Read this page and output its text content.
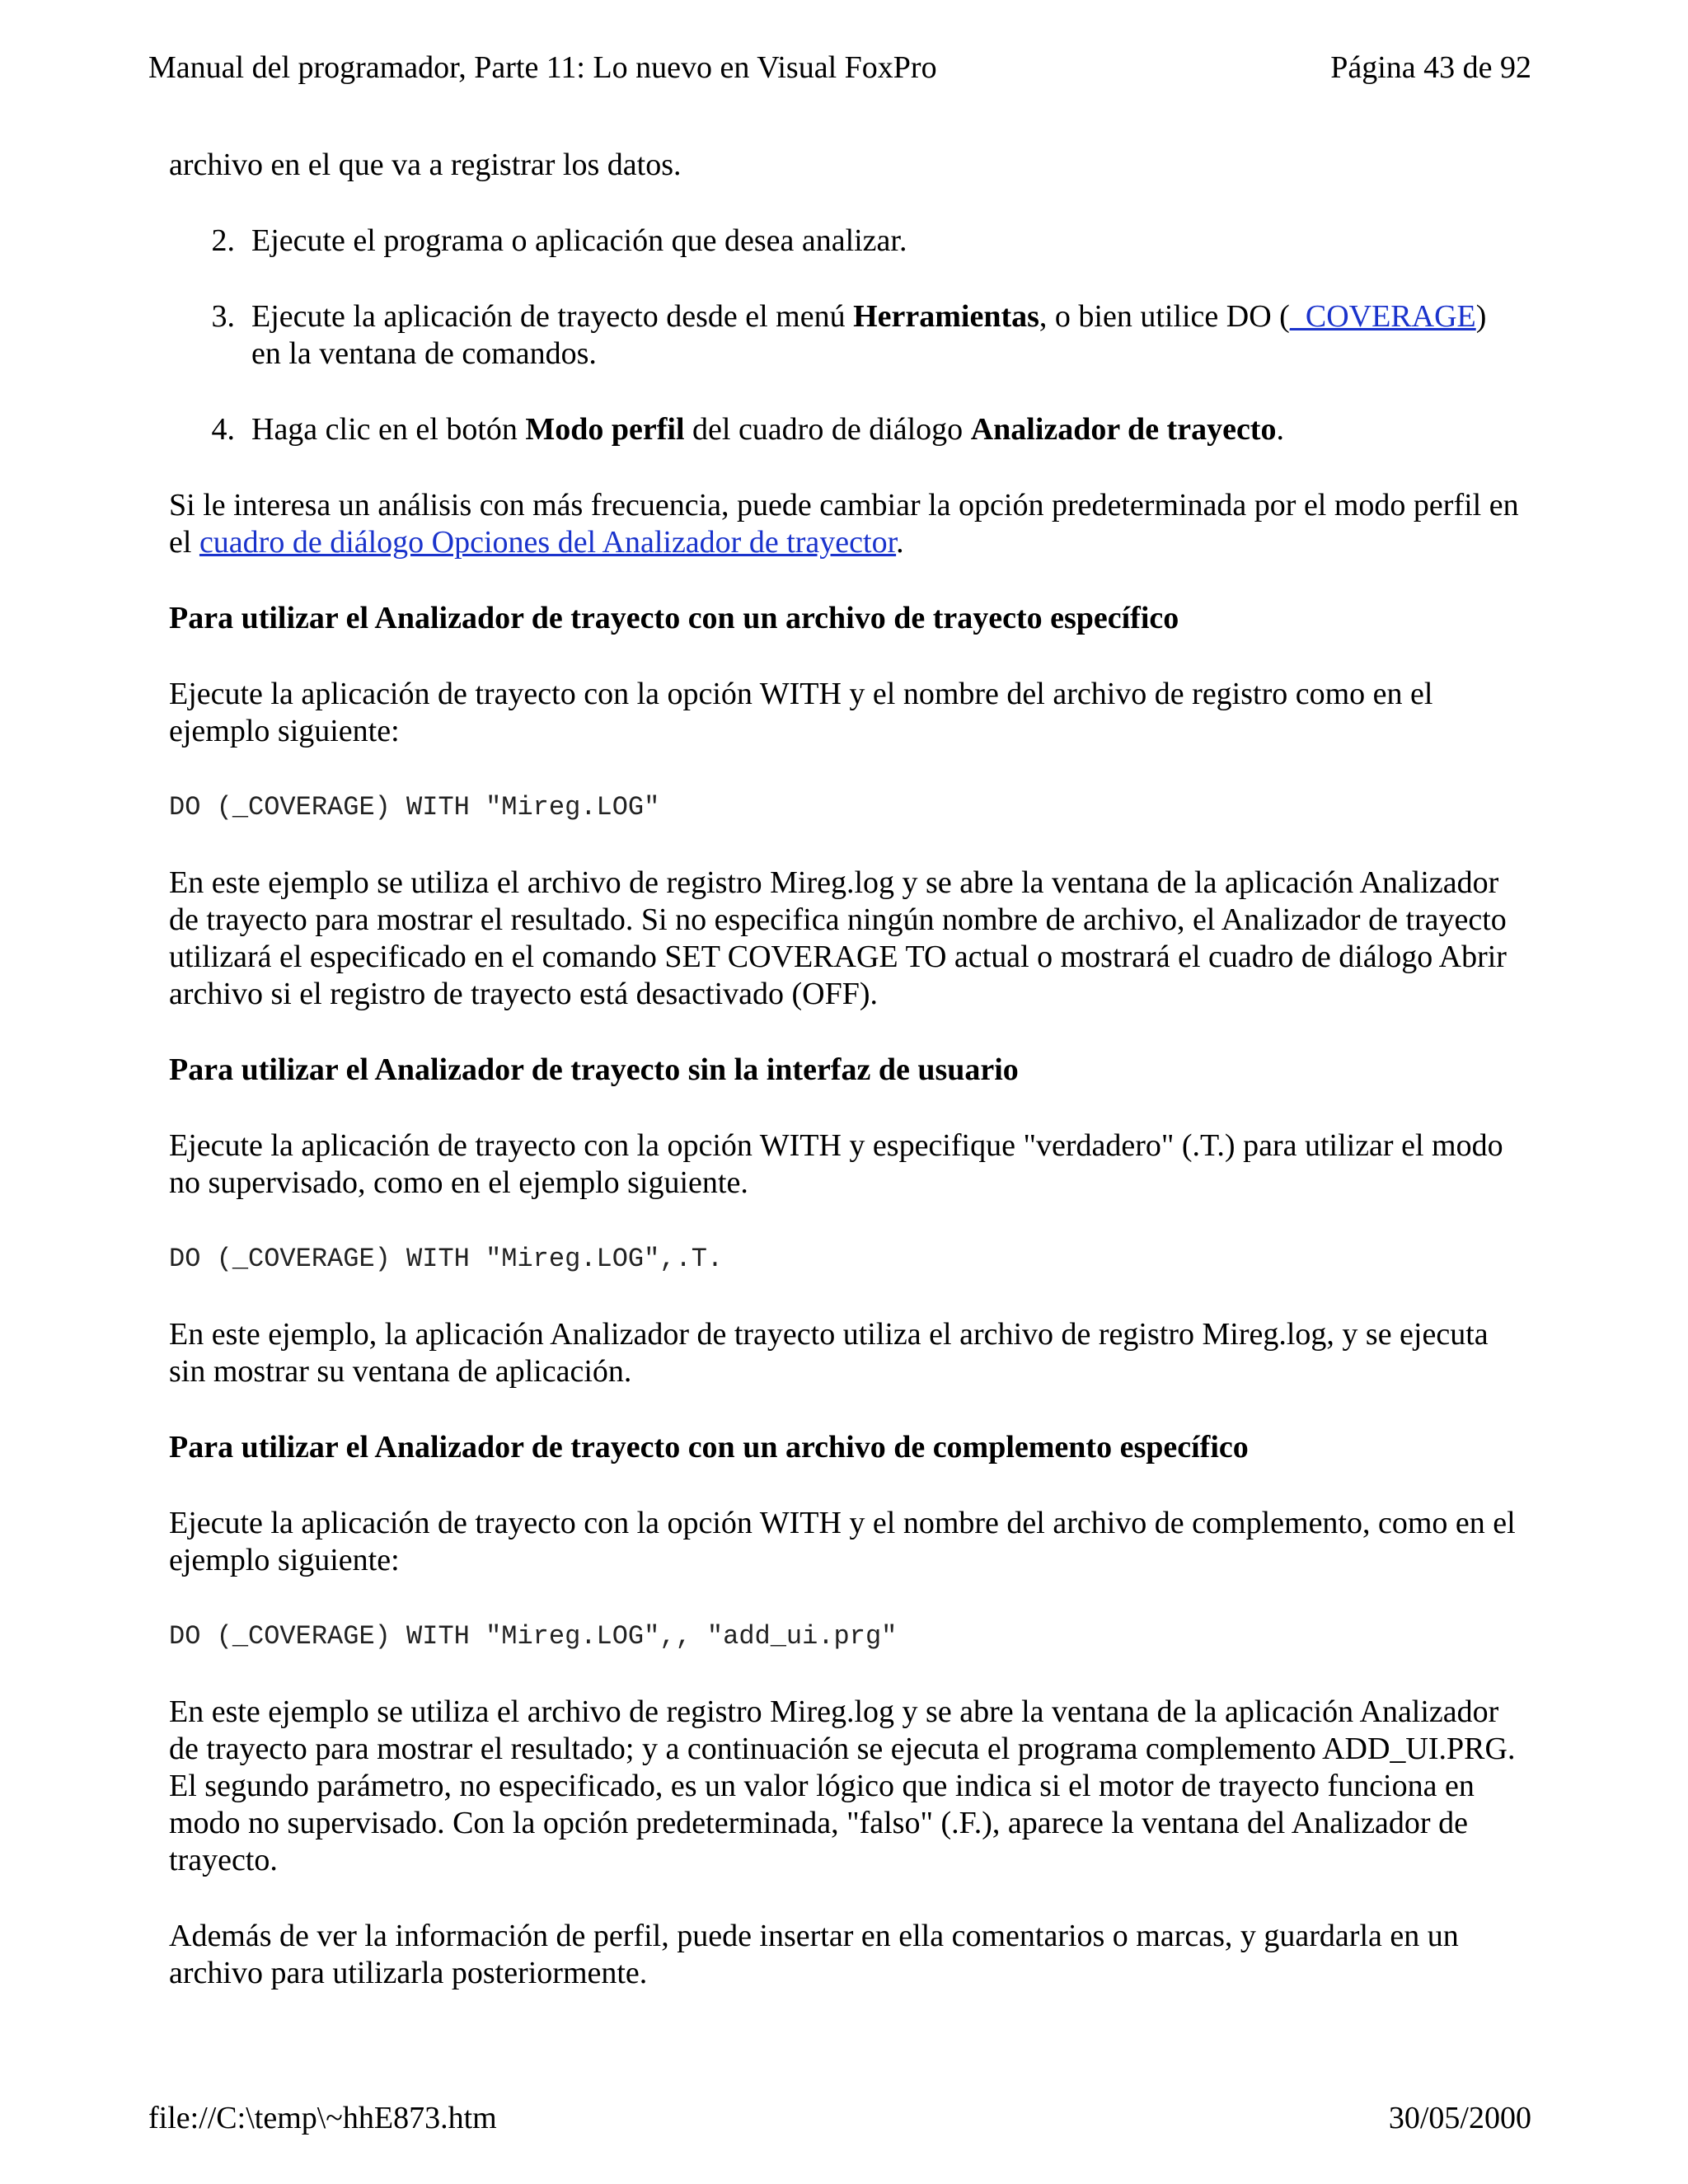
Manual del programador, Parte 11: Lo nuevo en Visual FoxPro	Página 43 de 92

archivo en el que va a registrar los datos.

2. Ejecute el programa o aplicación que desea analizar.
3. Ejecute la aplicación de trayecto desde el menú Herramientas, o bien utilice DO (_COVERAGE) en la ventana de comandos.
4. Haga clic en el botón Modo perfil del cuadro de diálogo Analizador de trayecto.

Si le interesa un análisis con más frecuencia, puede cambiar la opción predeterminada por el modo perfil en el cuadro de diálogo Opciones del Analizador de trayector.

Para utilizar el Analizador de trayecto con un archivo de trayecto específico

Ejecute la aplicación de trayecto con la opción WITH y el nombre del archivo de registro como en el ejemplo siguiente:

DO (_COVERAGE) WITH "Mireg.LOG"

En este ejemplo se utiliza el archivo de registro Mireg.log y se abre la ventana de la aplicación Analizador de trayecto para mostrar el resultado. Si no especifica ningún nombre de archivo, el Analizador de trayecto utilizará el especificado en el comando SET COVERAGE TO actual o mostrará el cuadro de diálogo Abrir archivo si el registro de trayecto está desactivado (OFF).

Para utilizar el Analizador de trayecto sin la interfaz de usuario

Ejecute la aplicación de trayecto con la opción WITH y especifique "verdadero" (.T.) para utilizar el modo no supervisado, como en el ejemplo siguiente.

DO (_COVERAGE) WITH "Mireg.LOG",.T.

En este ejemplo, la aplicación Analizador de trayecto utiliza el archivo de registro Mireg.log, y se ejecuta sin mostrar su ventana de aplicación.

Para utilizar el Analizador de trayecto con un archivo de complemento específico

Ejecute la aplicación de trayecto con la opción WITH y el nombre del archivo de complemento, como en el ejemplo siguiente:

DO (_COVERAGE) WITH "Mireg.LOG",, "add_ui.prg"

En este ejemplo se utiliza el archivo de registro Mireg.log y se abre la ventana de la aplicación Analizador de trayecto para mostrar el resultado; y a continuación se ejecuta el programa complemento ADD_UI.PRG. El segundo parámetro, no especificado, es un valor lógico que indica si el motor de trayecto funciona en modo no supervisado. Con la opción predeterminada, "falso" (.F.), aparece la ventana del Analizador de trayecto.

Además de ver la información de perfil, puede insertar en ella comentarios o marcas, y guardarla en un archivo para utilizarla posteriormente.

file://C:\temp\~hhE873.htm	30/05/2000
